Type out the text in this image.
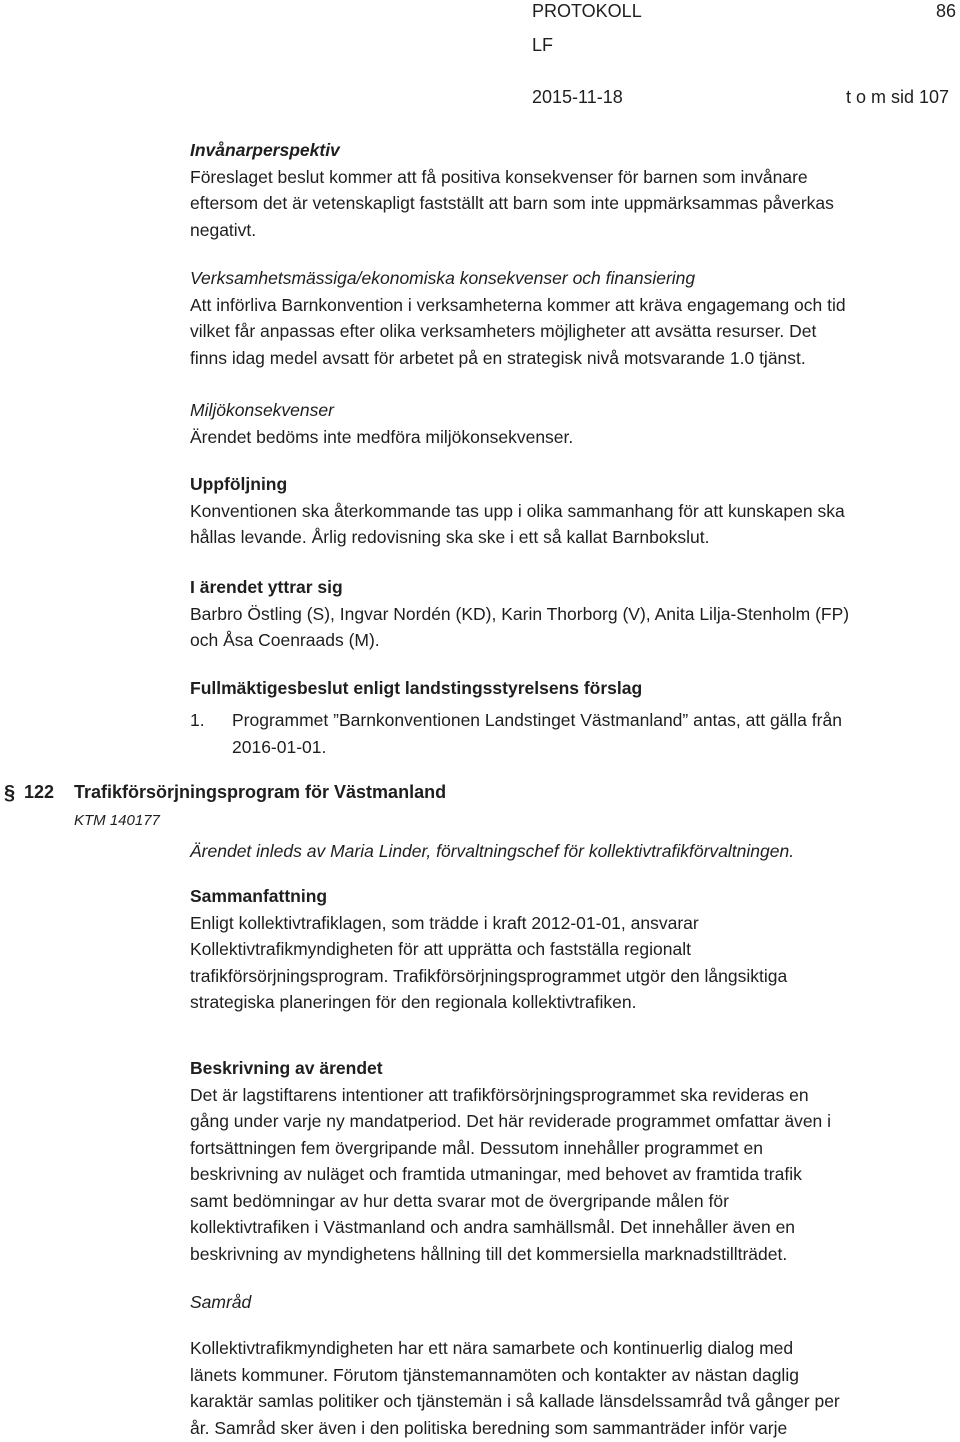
PROTOKOLL	86
LF
2015-11-18	t o m sid 107
Invånarperspektiv
Föreslaget beslut kommer att få positiva konsekvenser för barnen som invånare
eftersom det är vetenskapligt fastställt att barn som inte uppmärksammas påverkas
negativt.
Verksamhetsmässiga/ekonomiska konsekvenser och finansiering
Att införliva Barnkonvention i verksamheterna kommer att kräva engagemang och tid
vilket får anpassas efter olika verksamheters möjligheter att avsätta resurser. Det
finns idag medel avsatt för arbetet på en strategisk nivå motsvarande 1.0 tjänst.
Miljökonsekvenser
Ärendet bedöms inte medföra miljökonsekvenser.
Uppföljning
Konventionen ska återkommande tas upp i olika sammanhang för att kunskapen ska
hållas levande. Årlig redovisning ska ske i ett så kallat Barnbokslut.
I ärendet yttrar sig
Barbro Östling (S), Ingvar Nordén (KD), Karin Thorborg (V), Anita Lilja-Stenholm (FP)
och Åsa Coenraads (M).
Fullmäktigesbeslut enligt landstingsstyrelsens förslag
1. Programmet ”Barnkonventionen Landstinget Västmanland” antas, att gälla från
2016-01-01.
§ 122 Trafikförsörjningsprogram för Västmanland
KTM 140177
Ärendet inleds av Maria Linder, förvaltningschef för kollektivtrafikförvaltningen.
Sammanfattning
Enligt kollektivtrafiklagen, som trädde i kraft 2012-01-01, ansvarar
Kollektivtrafikmyndigheten för att upprätta och fastställa regionalt
trafikförsörjningsprogram. Trafikförsörjningsprogrammet utgör den långsiktiga
strategiska planeringen för den regionala kollektivtrafiken.
Beskrivning av ärendet
Det är lagstiftarens intentioner att trafikförsörjningsprogrammet ska revideras en
gång under varje ny mandatperiod. Det här reviderade programmet omfattar även i
fortsättningen fem övergripande mål. Dessutom innehåller programmet en
beskrivning av nuläget och framtida utmaningar, med behovet av framtida trafik
samt bedömningar av hur detta svarar mot de övergripande målen för
kollektivtrafiken i Västmanland och andra samhällsmål. Det innehåller även en
beskrivning av myndighetens hållning till det kommersiella marknadstillträdet.
Samråd
Kollektivtrafikmyndigheten har ett nära samarbete och kontinuerlig dialog med
länets kommuner. Förutom tjänstemannamöten och kontakter av nästan daglig
karaktär samlas politiker och tjänstemän i så kallade länsdelssamråd två gånger per
år. Samråd sker även i den politiska beredning som sammanträder inför varje
